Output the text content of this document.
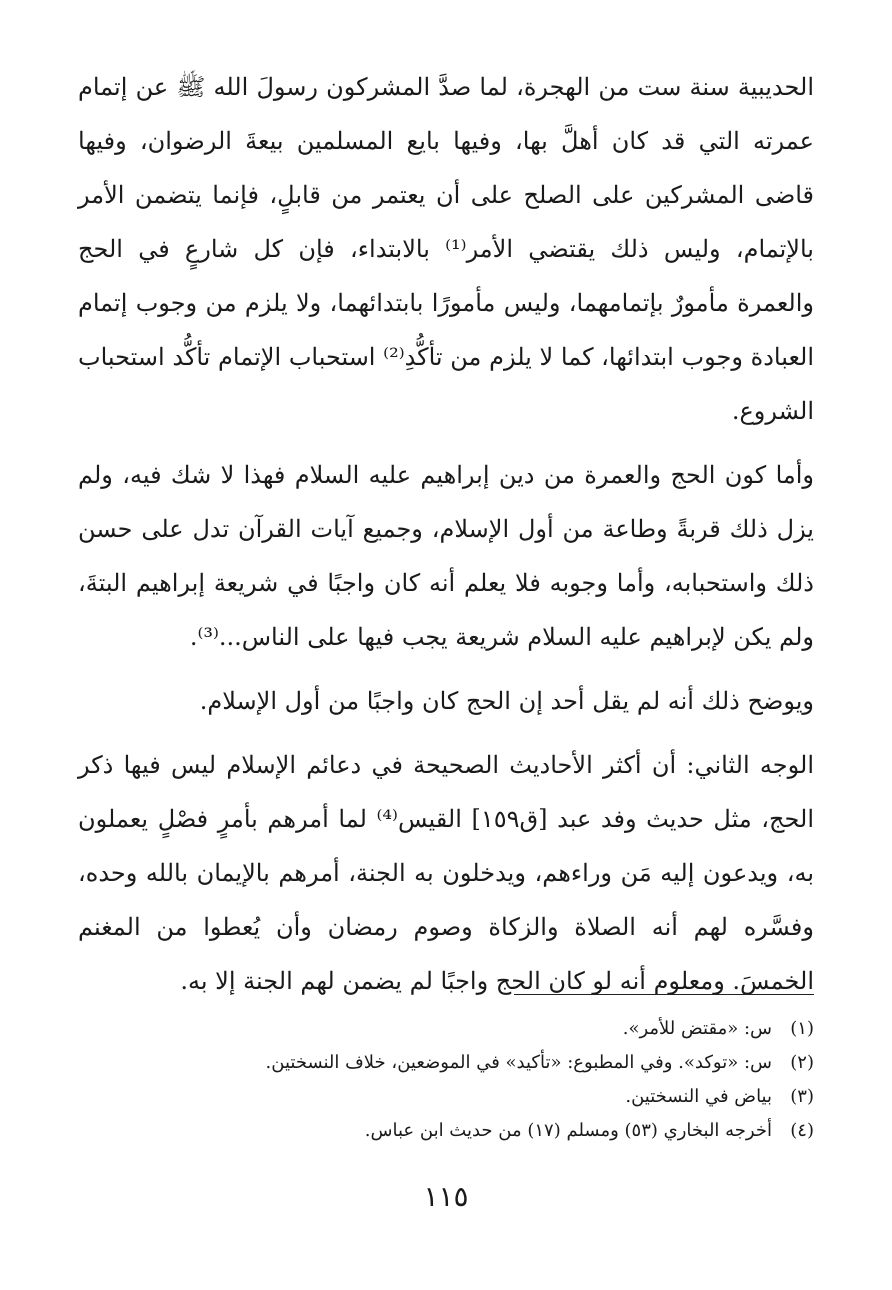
الحديبية سنة ست من الهجرة، لما صدَّ المشركون رسولَ الله ﷺ عن إتمام عمرته التي قد كان أهلَّ بها، وفيها بايع المسلمين بيعةَ الرضوان، وفيها قاضى المشركين على الصلح على أن يعتمر من قابلٍ، فإنما يتضمن الأمر بالإتمام، وليس ذلك يقتضي الأمر⁽¹⁾ بالابتداء، فإن كل شارعٍ في الحج والعمرة مأمورٌ بإتمامهما، وليس مأمورًا بابتدائهما، ولا يلزم من وجوب إتمام العبادة وجوب ابتدائها، كما لا يلزم من تأكُّدِ⁽²⁾ استحباب الإتمام تأكُّد استحباب الشروع.

وأما كون الحج والعمرة من دين إبراهيم عليه السلام فهذا لا شك فيه، ولم يزل ذلك قربةً وطاعة من أول الإسلام، وجميع آيات القرآن تدل على حسن ذلك واستحبابه، وأما وجوبه فلا يعلم أنه كان واجبًا في شريعة إبراهيم البتةَ، ولم يكن لإبراهيم عليه السلام شريعة يجب فيها على الناس...⁽³⁾.

ويوضح ذلك أنه لم يقل أحد إن الحج كان واجبًا من أول الإسلام.

الوجه الثاني: أن أكثر الأحاديث الصحيحة في دعائم الإسلام ليس فيها ذكر الحج، مثل حديث وفد عبد [ق١٥٩] القيس⁽⁴⁾ لما أمرهم بأمرٍ فصْلٍ يعملون به، ويدعون إليه مَن وراءهم، ويدخلون به الجنة، أمرهم بالإيمان بالله وحده، وفسَّره لهم أنه الصلاة والزكاة وصوم رمضان وأن يُعطوا من المغنم الخمسَ. ومعلوم أنه لو كان الحج واجبًا لم يضمن لهم الجنة إلا به.

(١)
س: «مقتض للأمر».
(٢)
س: «توكد». وفي المطبوع: «تأكيد» في الموضعين، خلاف النسختين.
(٣)
بياض في النسختين.
(٤)
أخرجه البخاري (٥٣) ومسلم (١٧) من حديث ابن عباس.
١١٥
